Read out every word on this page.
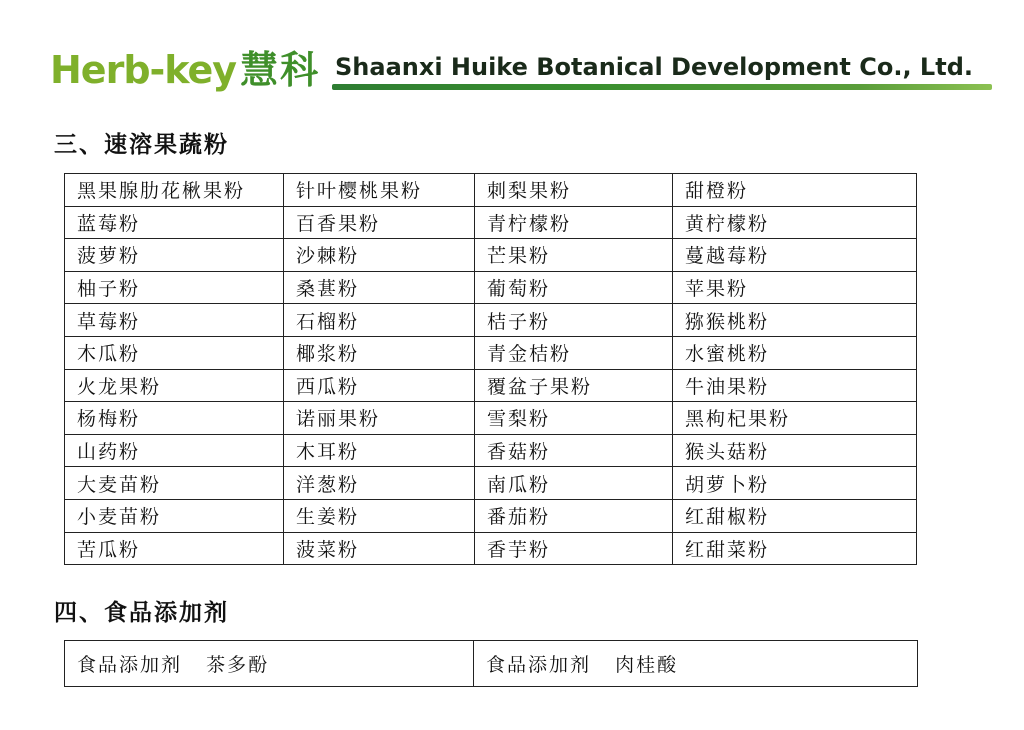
Herb-key 慧科 Shaanxi Huike Botanical Development Co., Ltd.
三、速溶果蔬粉
黑果腺肋花楸果粉	针叶樱桃果粉	刺梨果粉	甜橙粉
蓝莓粉	百香果粉	青柠檬粉	黄柠檬粉
菠萝粉	沙棘粉	芒果粉	蔓越莓粉
柚子粉	桑葚粉	葡萄粉	苹果粉
草莓粉	石榴粉	桔子粉	猕猴桃粉
木瓜粉	椰浆粉	青金桔粉	水蜜桃粉
火龙果粉	西瓜粉	覆盆子果粉	牛油果粉
杨梅粉	诺丽果粉	雪梨粉	黑枸杞果粉
山药粉	木耳粉	香菇粉	猴头菇粉
大麦苗粉	洋葱粉	南瓜粉	胡萝卜粉
小麦苗粉	生姜粉	番茄粉	红甜椒粉
苦瓜粉	菠菜粉	香芋粉	红甜菜粉
四、食品添加剂
食品添加剂   茶多酚	食品添加剂   肉桂酸
